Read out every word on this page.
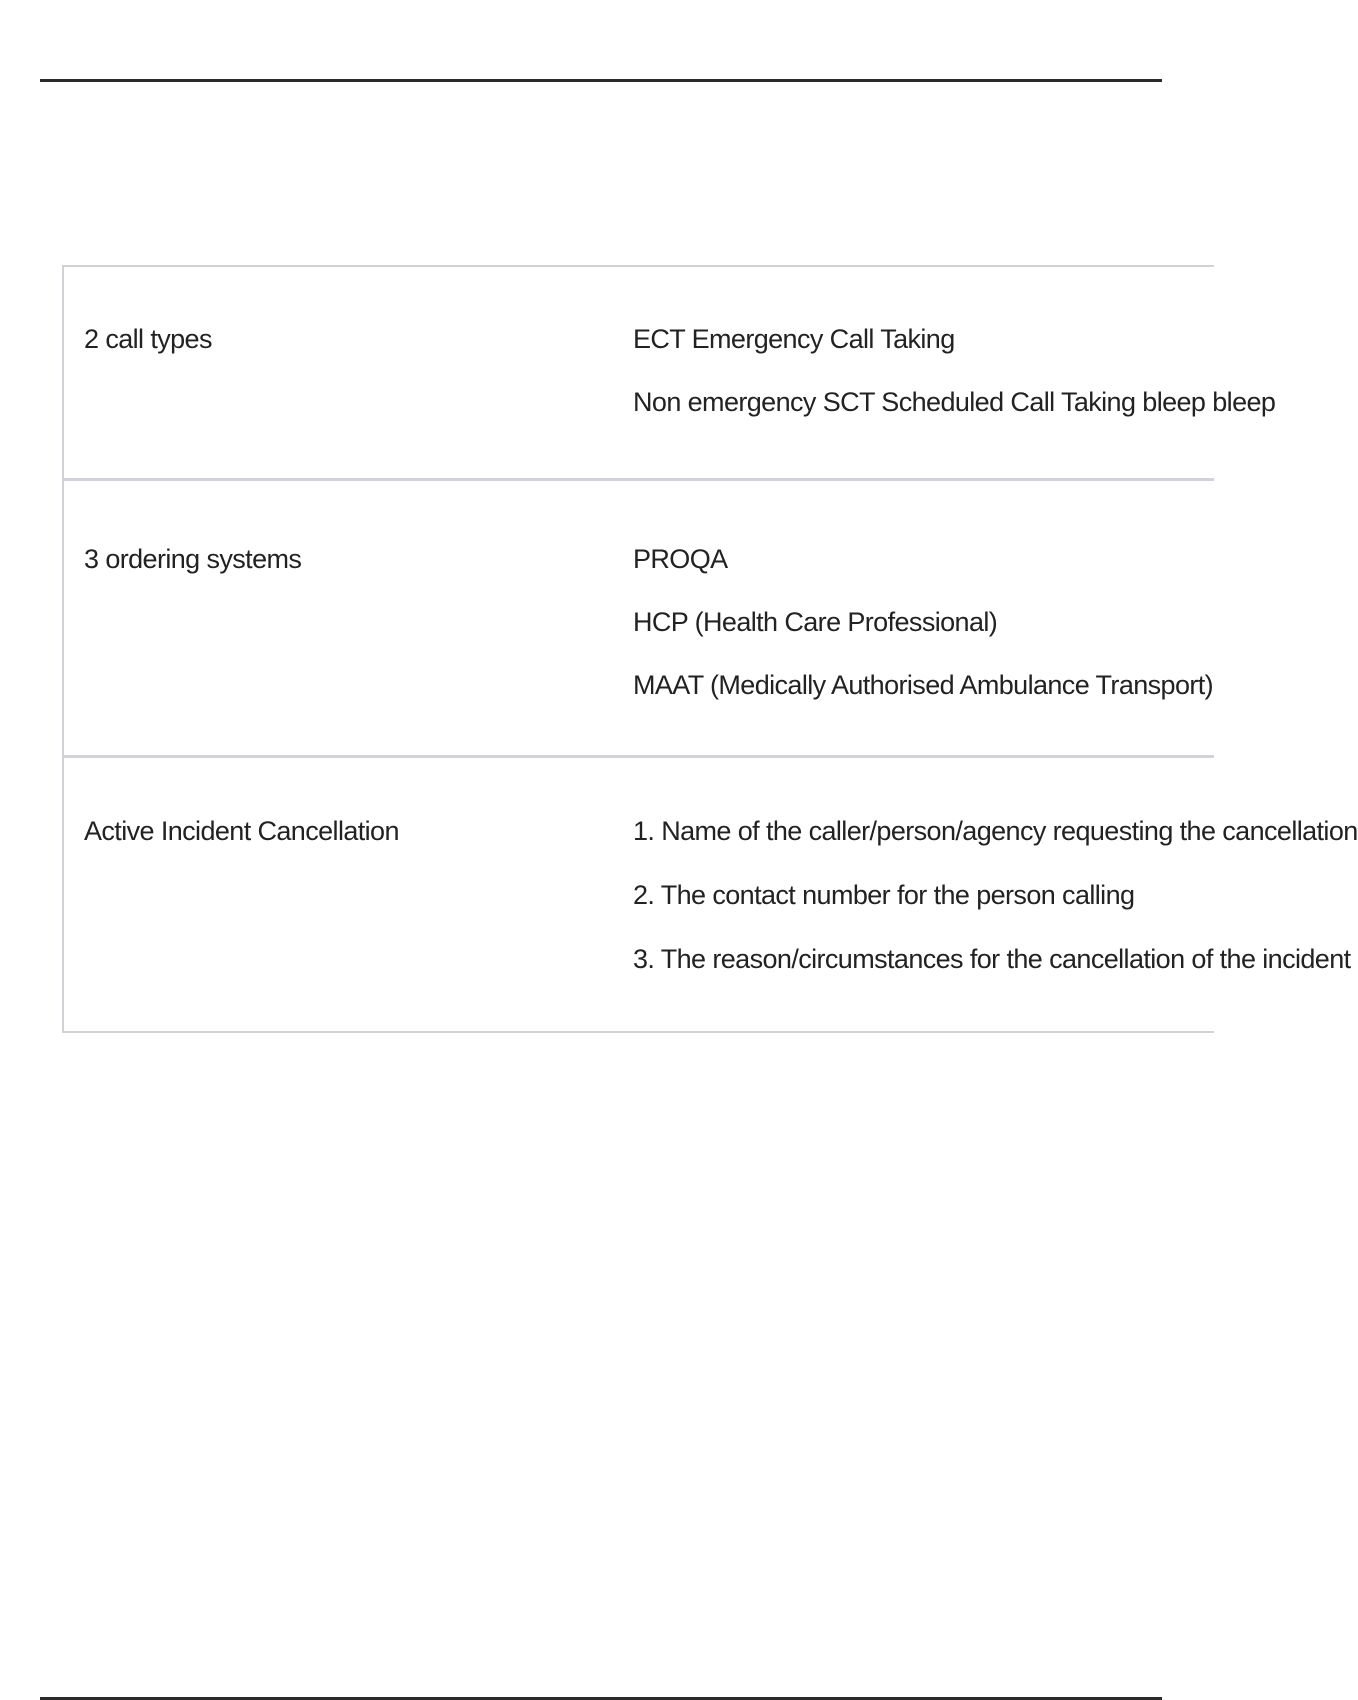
2 call types	ECT Emergency Call Taking
Non emergency SCT Scheduled Call Taking bleep bleep
3 ordering systems	PROQA
HCP (Health Care Professional)
MAAT (Medically Authorised Ambulance Transport)
Active Incident Cancellation	1. Name of the caller/person/agency requesting the cancellation
2. The contact number for the person calling
3. The reason/circumstances for the cancellation of the incident
